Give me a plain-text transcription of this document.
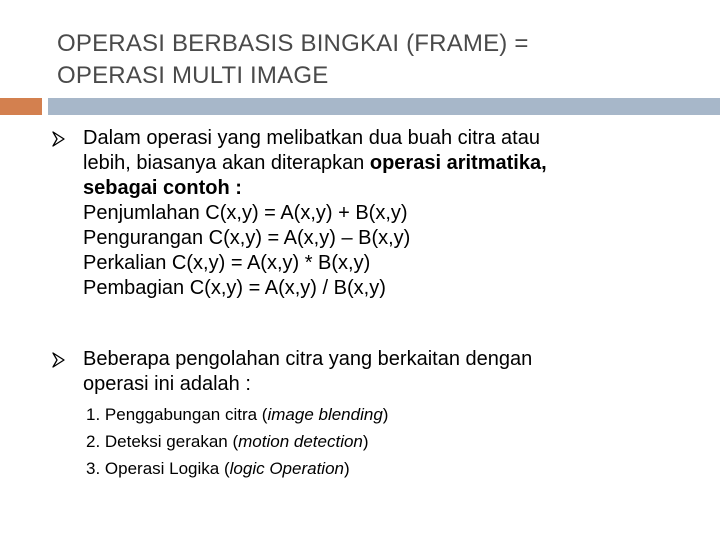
OPERASI BERBASIS BINGKAI (FRAME) =
OPERASI MULTI IMAGE
Dalam operasi yang melibatkan dua buah citra atau
lebih, biasanya akan diterapkan operasi aritmatika,
sebagai contoh :
Penjumlahan C(x,y) = A(x,y) + B(x,y)
Pengurangan C(x,y) = A(x,y) – B(x,y)
Perkalian C(x,y) = A(x,y) * B(x,y)
Pembagian C(x,y) = A(x,y) / B(x,y)
Beberapa pengolahan citra yang berkaitan dengan
operasi ini adalah :
1. Penggabungan citra (image blending)
2. Deteksi gerakan (motion detection)
3. Operasi Logika (logic Operation)
